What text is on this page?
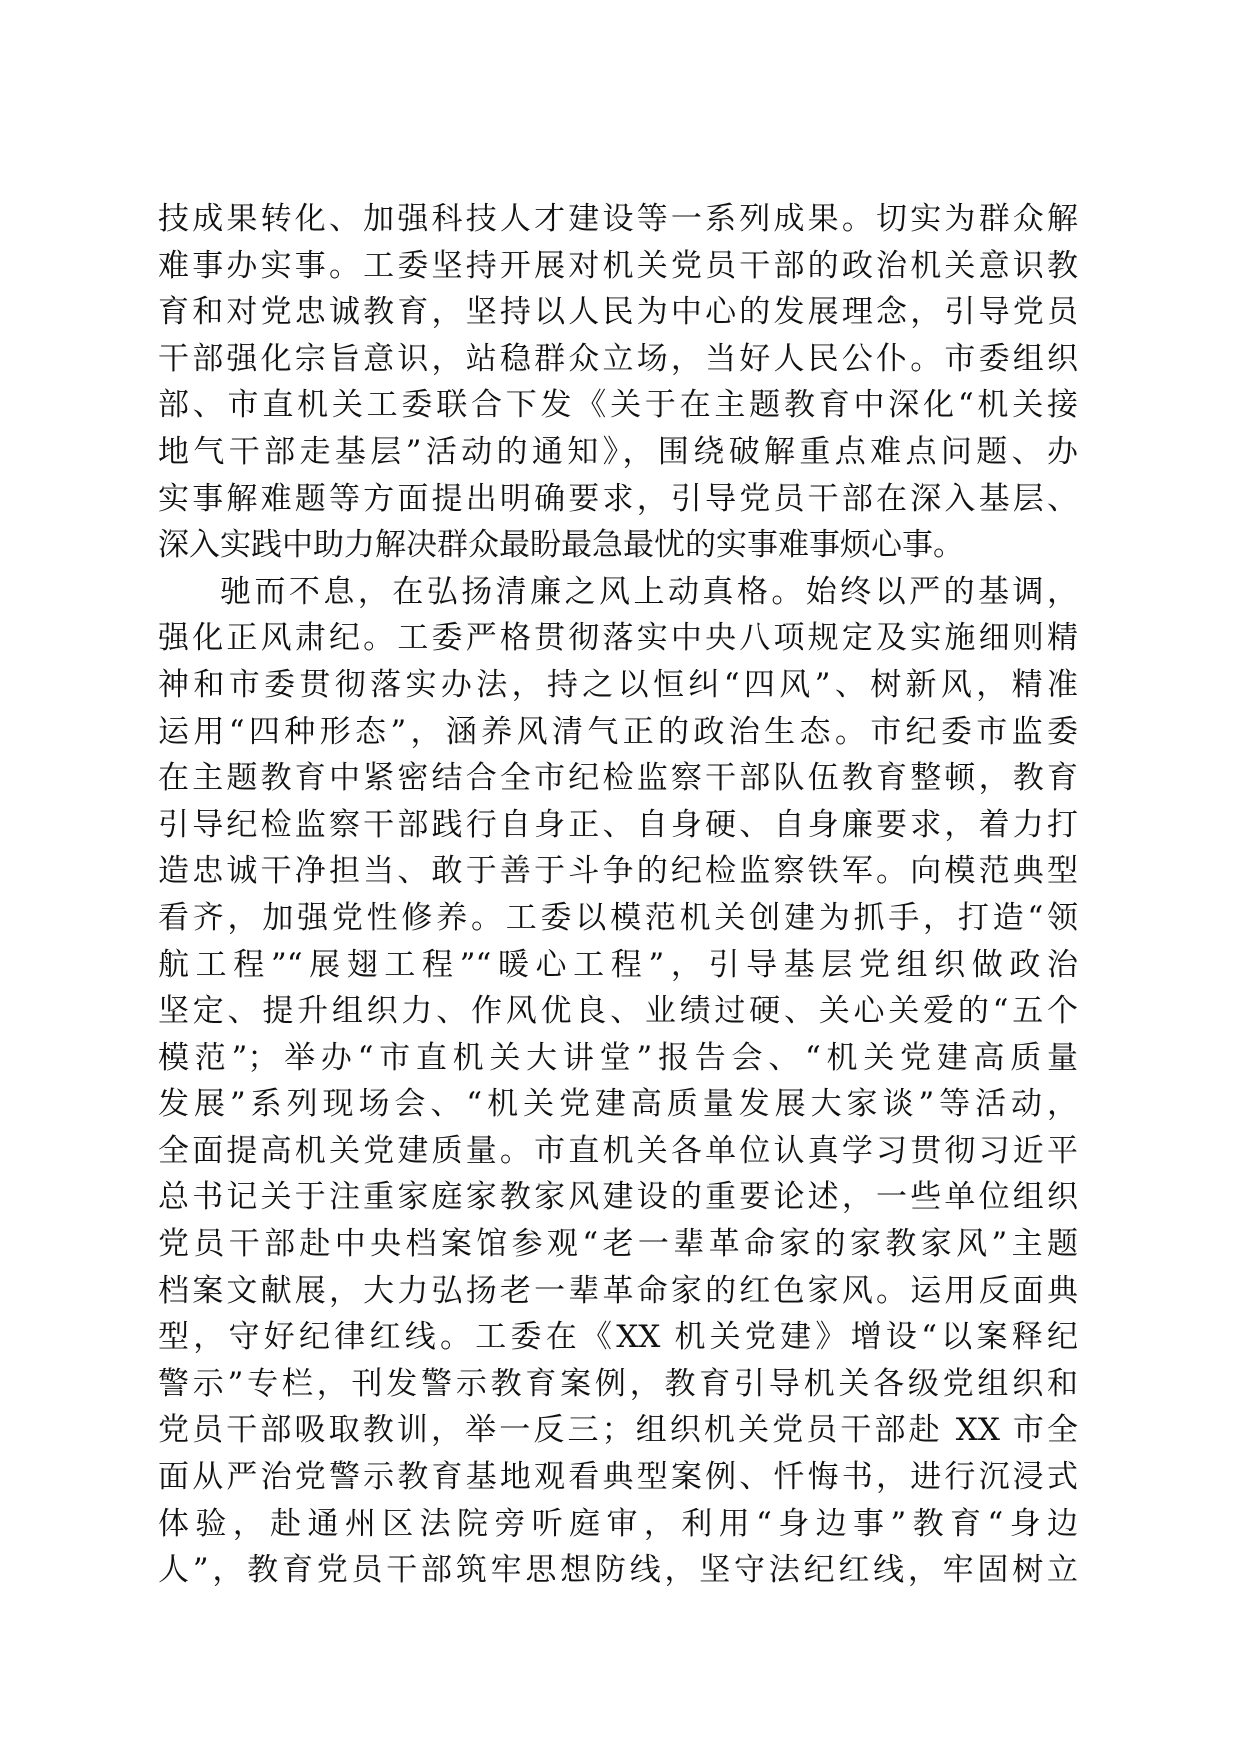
技成果转化、加强科技人才建设等一系列成果。切实为群众解
难事办实事。工委坚持开展对机关党员干部的政治机关意识教
育和对党忠诚教育，坚持以人民为中心的发展理念，引导党员
干部强化宗旨意识，站稳群众立场，当好人民公仆。市委组织
部、市直机关工委联合下发《关于在主题教育中深化“机关接
地气干部走基层”活动的通知》，围绕破解重点难点问题、办
实事解难题等方面提出明确要求，引导党员干部在深入基层、
深入实践中助力解决群众最盼最急最忧的实事难事烦心事。
驰而不息，在弘扬清廉之风上动真格。始终以严的基调，
强化正风肃纪。工委严格贯彻落实中央八项规定及实施细则精
神和市委贯彻落实办法，持之以恒纠“四风”、树新风，精准
运用“四种形态”，涵养风清气正的政治生态。市纪委市监委
在主题教育中紧密结合全市纪检监察干部队伍教育整顿，教育
引导纪检监察干部践行自身正、自身硬、自身廉要求，着力打
造忠诚干净担当、敢于善于斗争的纪检监察铁军。向模范典型
看齐，加强党性修养。工委以模范机关创建为抓手，打造“领
航工程”“展翅工程”“暖心工程”，引导基层党组织做政治
坚定、提升组织力、作风优良、业绩过硬、关心关爱的“五个
模范”；举办“市直机关大讲堂”报告会、“机关党建高质量
发展”系列现场会、“机关党建高质量发展大家谈”等活动，
全面提高机关党建质量。市直机关各单位认真学习贯彻习近平
总书记关于注重家庭家教家风建设的重要论述，一些单位组织
党员干部赴中央档案馆参观“老一辈革命家的家教家风”主题
档案文献展，大力弘扬老一辈革命家的红色家风。运用反面典
型，守好纪律红线。工委在《XX 机关党建》增设“以案释纪
警示”专栏，刊发警示教育案例，教育引导机关各级党组织和
党员干部吸取教训，举一反三；组织机关党员干部赴 XX 市全
面从严治党警示教育基地观看典型案例、忏悔书，进行沉浸式
体验，赴通州区法院旁听庭审，利用“身边事”教育“身边
人”，教育党员干部筑牢思想防线，坚守法纪红线，牢固树立
